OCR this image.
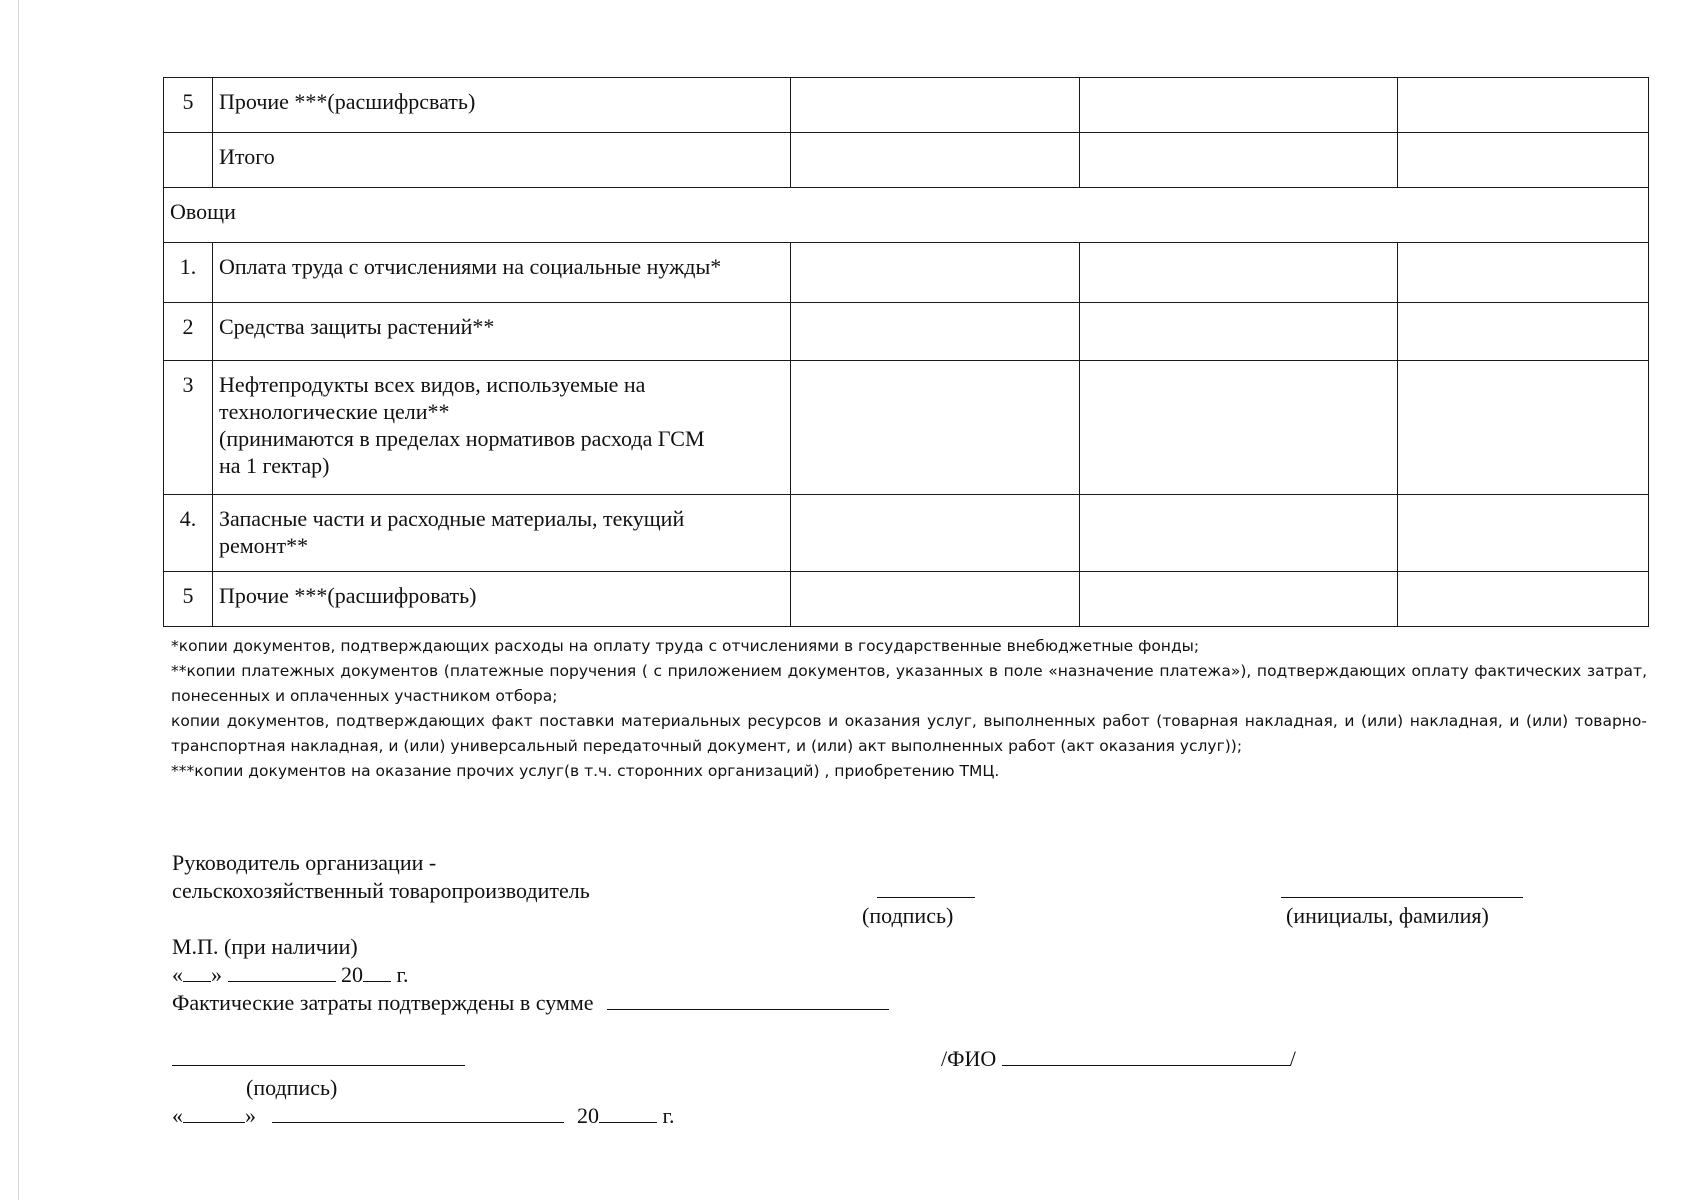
5	Прочие ***(расшифрсвать)			
	Итого			
Овощи				
1.	Оплата труда с отчислениями на социальные нужды*			
2	Средства защиты растений**			
3	Нефтепродукты всех видов, используемые на
технологические цели**
(принимаются в пределах нормативов расхода ГСМ
на 1 гектар)			

4.	Запасные части и расходные материалы, текущий
ремонт**			

5	Прочие ***(расшифровать)			

*копии документов, подтверждающих расходы на оплату труда с отчислениями в государственные внебюджетные фонды;

**копии платежных документов (платежные поручения ( с приложением документов, указанных в поле «назначение платежа»), подтверждающих оплату фактических затрат, понесенных и оплаченных участником отбора;

копии документов, подтверждающих факт поставки материальных ресурсов и оказания услуг, выполненных работ (товарная накладная, и (или) накладная, и (или) товарно-транспортная накладная, и (или) универсальный передаточный документ, и (или) акт выполненных работ (акт оказания услуг));

***копии документов на оказание прочих услуг(в т.ч. сторонних организаций) , приобретению ТМЦ.

Руководитель организации -
сельскохозяйственный товаропроизводитель
(подпись)	(инициалы, фамилия)
М.П. (при наличии)
« »	20 г.
Фактические затраты подтверждены в сумме
/ФИО	/
(подпись)
«	»	20	г.
